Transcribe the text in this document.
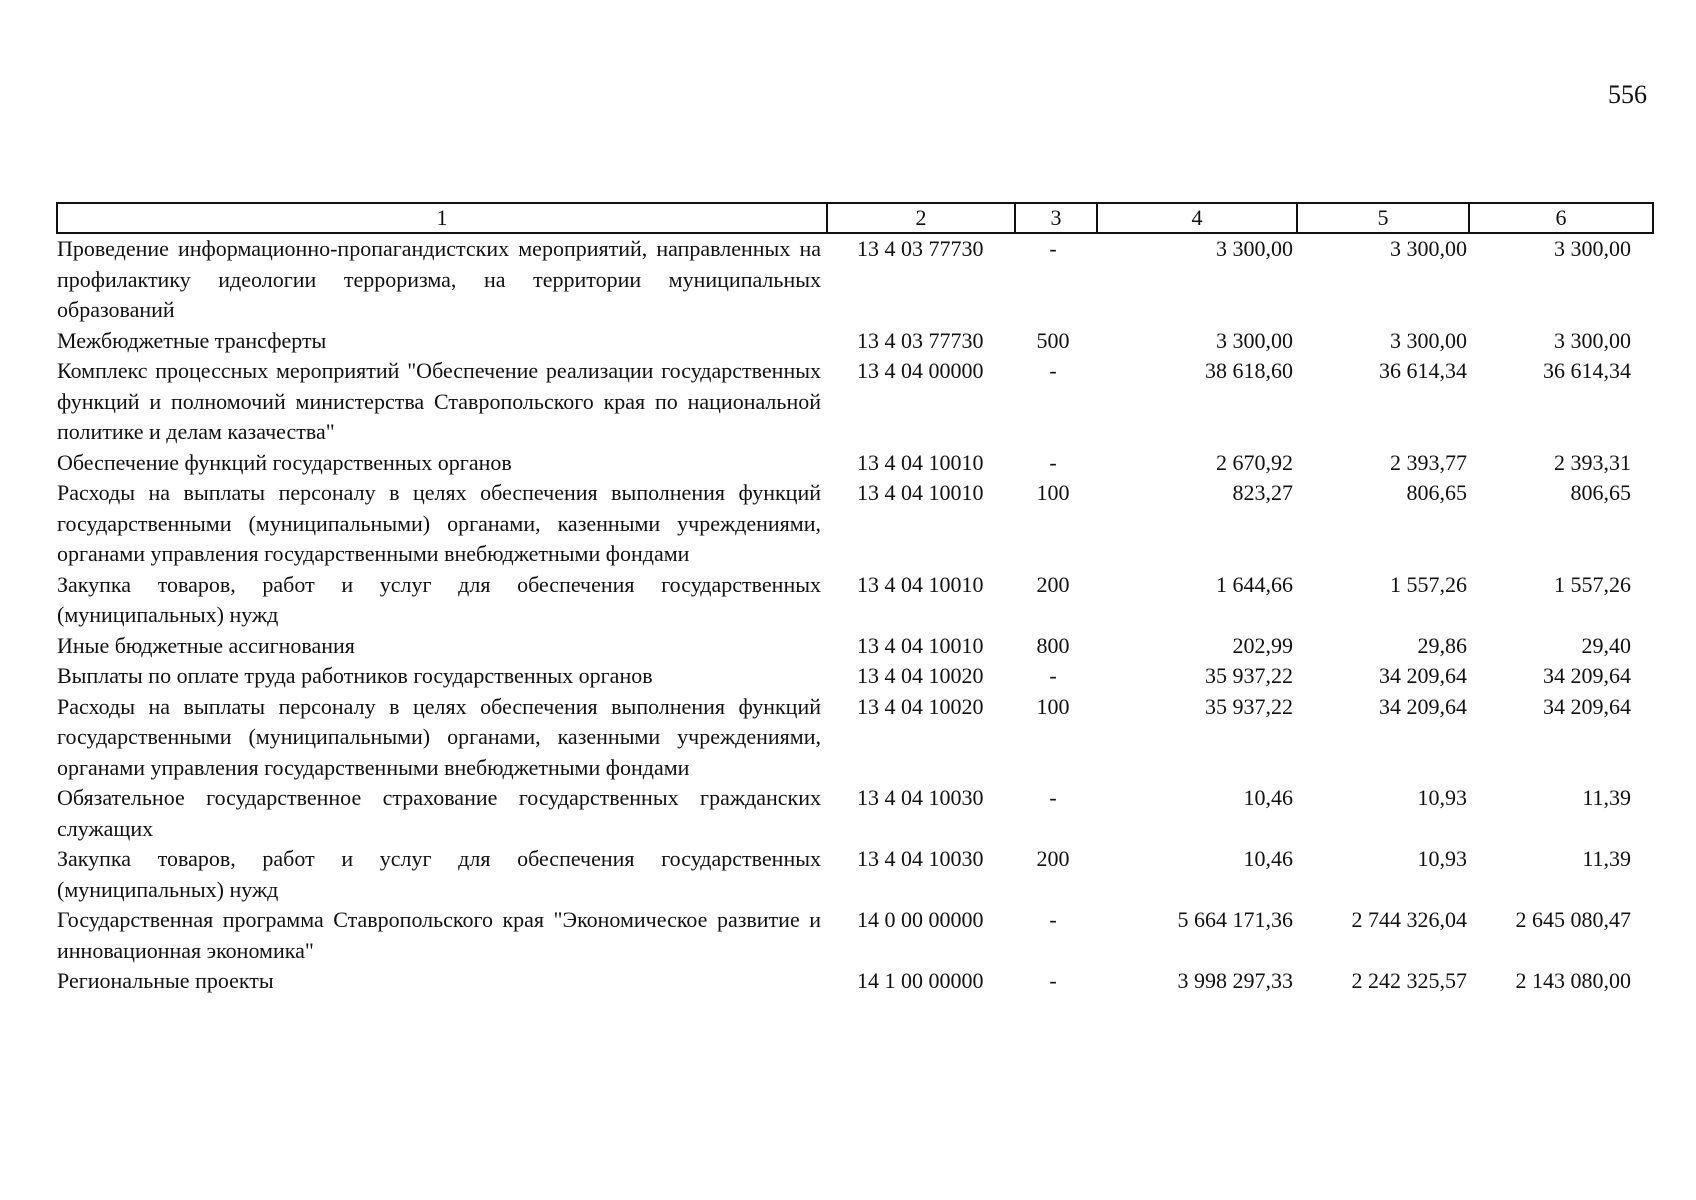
556
1	2	3	4	5	6
Проведение информационно-пропагандистских мероприятий, направленных на профилактику идеологии терроризма, на территории муниципальных образований	13 4 03 77730	-	3 300,00	3 300,00	3 300,00
Межбюджетные трансферты	13 4 03 77730	500	3 300,00	3 300,00	3 300,00
Комплекс процессных мероприятий "Обеспечение реализации государственных функций и полномочий министерства Ставропольского края по национальной политике и делам казачества"	13 4 04 00000	-	38 618,60	36 614,34	36 614,34
Обеспечение функций государственных органов	13 4 04 10010	-	2 670,92	2 393,77	2 393,31
Расходы на выплаты персоналу в целях обеспечения выполнения функций государственными (муниципальными) органами, казенными учреждениями, органами управления государственными внебюджетными фондами	13 4 04 10010	100	823,27	806,65	806,65
Закупка товаров, работ и услуг для обеспечения государственных (муниципальных) нужд	13 4 04 10010	200	1 644,66	1 557,26	1 557,26
Иные бюджетные ассигнования	13 4 04 10010	800	202,99	29,86	29,40
Выплаты по оплате труда работников государственных органов	13 4 04 10020	-	35 937,22	34 209,64	34 209,64
Расходы на выплаты персоналу в целях обеспечения выполнения функций государственными (муниципальными) органами, казенными учреждениями, органами управления государственными внебюджетными фондами	13 4 04 10020	100	35 937,22	34 209,64	34 209,64
Обязательное государственное страхование государственных гражданских служащих	13 4 04 10030	-	10,46	10,93	11,39
Закупка товаров, работ и услуг для обеспечения государственных (муниципальных) нужд	13 4 04 10030	200	10,46	10,93	11,39
Государственная программа Ставропольского края "Экономическое развитие и инновационная экономика"	14 0 00 00000	-	5 664 171,36	2 744 326,04	2 645 080,47
Региональные проекты	14 1 00 00000	-	3 998 297,33	2 242 325,57	2 143 080,00
